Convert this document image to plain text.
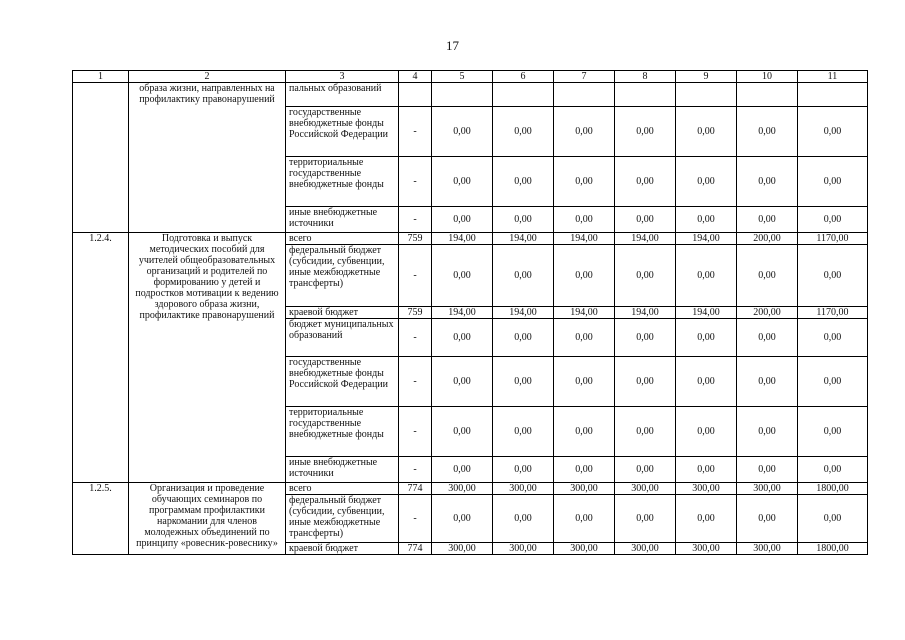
17
1	2	3	4	5	6	7	8	9	10	11
	образа жизни, направленных на профилактику правонарушений	пальных образований								
		государственные внебюджетные фонды Российской Федерации	-	0,00	0,00	0,00	0,00	0,00	0,00	0,00
		территориальные государственные внебюджетные фонды	-	0,00	0,00	0,00	0,00	0,00	0,00	0,00
		иные внебюджетные источники	-	0,00	0,00	0,00	0,00	0,00	0,00	0,00
1.2.4.	Подготовка и выпуск методических пособий для учителей общеобразовательных организаций и родителей по формированию у детей и подростков мотивации к ведению здорового образа жизни, профилактике правонарушений	всего	759	194,00	194,00	194,00	194,00	194,00	200,00	1170,00
		федеральный бюджет (субсидии, субвенции, иные межбюджетные трансферты)	-	0,00	0,00	0,00	0,00	0,00	0,00	0,00
		краевой бюджет	759	194,00	194,00	194,00	194,00	194,00	200,00	1170,00
		бюджет муниципальных образований	-	0,00	0,00	0,00	0,00	0,00	0,00	0,00
		государственные внебюджетные фонды Российской Федерации	-	0,00	0,00	0,00	0,00	0,00	0,00	0,00
		территориальные государственные внебюджетные фонды	-	0,00	0,00	0,00	0,00	0,00	0,00	0,00
		иные внебюджетные источники	-	0,00	0,00	0,00	0,00	0,00	0,00	0,00
1.2.5.	Организация и проведение обучающих семинаров по программам профилактики наркомании для членов молодежных объединений по принципу «ровесник-ровеснику»	всего	774	300,00	300,00	300,00	300,00	300,00	300,00	1800,00
		федеральный бюджет (субсидии, субвенции, иные межбюджетные трансферты)	-	0,00	0,00	0,00	0,00	0,00	0,00	0,00
		краевой бюджет	774	300,00	300,00	300,00	300,00	300,00	300,00	1800,00
